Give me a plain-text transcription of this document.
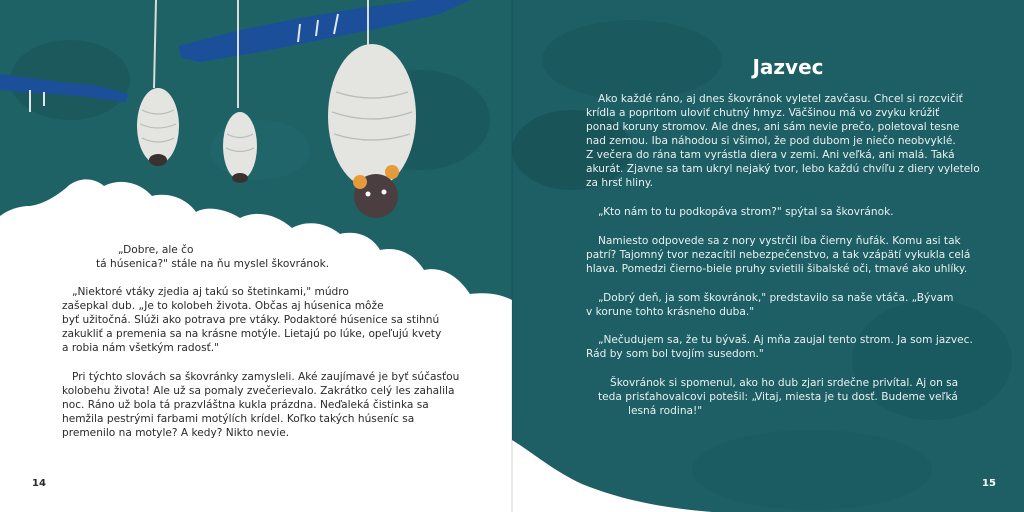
„Dobre, ale čo
tá húsenica?" stále na ňu myslel škovránok.
„Niektoré vtáky zjedia aj takú so štetinkami," múdro
zašepkal dub. „Je to kolobeh života. Občas aj húsenica môže
byť užitočná. Slúži ako potrava pre vtáky. Podaktoré húsenice sa stihnú
zakukliť a premenia sa na krásne motýle. Lietajú po lúke, opeľujú kvety
a robia nám všetkým radosť."
Pri týchto slovách sa škovránky zamysleli. Aké zaujímavé je byť súčasťou
kolobehu života! Ale už sa pomaly zvečerievalo. Zakrátko celý les zahalila
noc. Ráno už bola tá prazvláštna kukla prázdna. Neďaleká čistinka sa
hemžila pestrými farbami motýlích krídel. Koľko takých húseníc sa
premenilo na motyle? A kedy? Nikto nevie.
14
Jazvec
Ako každé ráno, aj dnes škovránok vyletel zavčasu. Chcel si rozcvičiť
krídla a popritom uloviť chutný hmyz. Väčšinou má vo zvyku krúžiť
ponad koruny stromov. Ale dnes, ani sám nevie prečo, poletoval tesne
nad zemou. Iba náhodou si všimol, že pod dubom je niečo neobvyklé.
Z večera do rána tam vyrástla diera v zemi. Ani veľká, ani malá. Taká
akurát. Zjavne sa tam ukryl nejaký tvor, lebo každú chvíľu z diery vyletelo
za hrsť hliny.
„Kto nám to tu podkopáva strom?" spýtal sa škovránok.
Namiesto odpovede sa z nory vystrčil iba čierny ňufák. Komu asi tak
patrí? Tajomný tvor nezacítil nebezpečenstvo, a tak vzápätí vykukla celá
hlava. Pomedzi čierno-biele pruhy svietili šibalské oči, tmavé ako uhlíky.
„Dobrý deň, ja som škovránok," predstavilo sa naše vtáča. „Bývam
v korune tohto krásneho duba."
„Nečudujem sa, že tu bývaš. Aj mňa zaujal tento strom. Ja som jazvec.
Rád by som bol tvojím susedom."
Škovránok si spomenul, ako ho dub zjari srdečne privítal. Aj on sa
teda prisťahovalcovi potešil: „Vitaj, miesta je tu dosť. Budeme veľká
lesná rodina!"
15
